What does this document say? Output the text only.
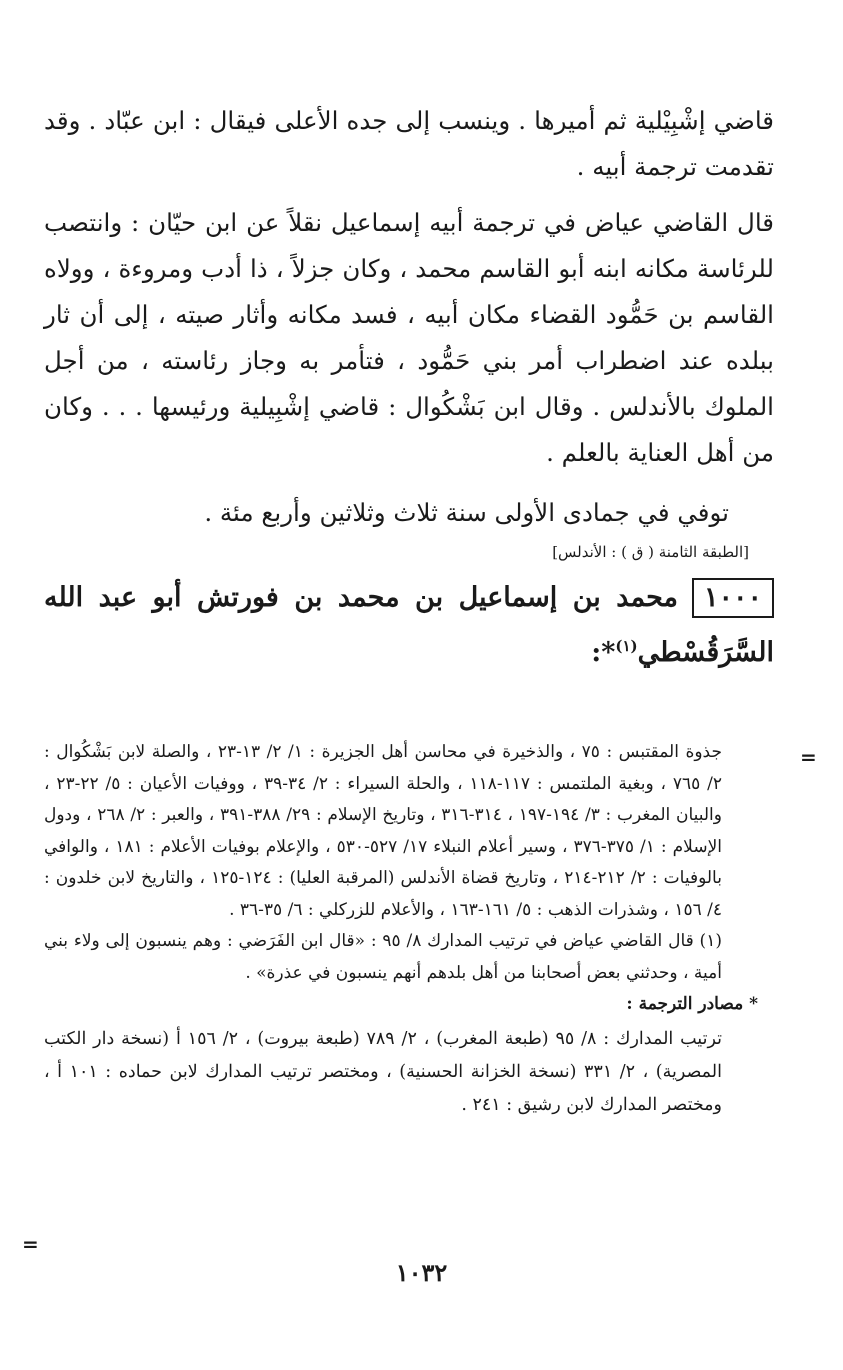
قاضي إشْبِيْلية ثم أميرها . وينسب إلى جده الأعلى فيقال : ابن عبّاد . وقد تقدمت ترجمة أبيه .

قال القاضي عياض في ترجمة أبيه إسماعيل نقلاً عن ابن حيّان : وانتصب للرئاسة مكانه ابنه أبو القاسم محمد ، وكان جزلاً ، ذا أدب ومروءة ، وولاه القاسم بن حَمُّود القضاء مكان أبيه ، فسد مكانه وأثار صيته ، إلى أن ثار ببلده عند اضطراب أمر بني حَمُّود ، فتأمر به وجاز رئاسته ، من أجل الملوك بالأندلس . وقال ابن بَشْكُوال : قاضي إشْبِيلية ورئيسها . . . وكان من أهل العناية بالعلم .

توفي في جمادى الأولى سنة ثلاث وثلاثين وأربع مئة .

[الطبقة الثامنة ( ق ) : الأندلس]
١٠٠٠محمد بن إسماعيل بن محمد بن فورتش أبو عبد الله السَّرَقُسْطي$^{(١)}$*:
=

جذوة المقتبس : ٧٥ ، والذخيرة في محاسن أهل الجزيرة : ١/ ٢/ ١٣-٢٣ ، والصلة لابن بَشْكُوال : ٢/ ٧٦٥ ، وبغية الملتمس : ١١٧-١١٨ ، والحلة السيراء : ٢/ ٣٤-٣٩ ، ووفيات الأعيان : ٥/ ٢٢-٢٣ ، والبيان المغرب : ٣/ ١٩٤-١٩٧ ، ٣١٤-٣١٦ ، وتاريخ الإسلام : ٢٩/ ٣٨٨-٣٩١ ، والعبر : ٢/ ٢٦٨ ، ودول الإسلام : ١/ ٣٧٥-٣٧٦ ، وسير أعلام النبلاء ١٧/ ٥٢٧-٥٣٠ ، والإعلام بوفيات الأعلام : ١٨١ ، والوافي بالوفيات : ٢/ ٢١٢-٢١٤ ، وتاريخ قضاة الأندلس (المرقبة العليا) : ١٢٤-١٢٥ ، والتاريخ لابن خلدون : ٤/ ١٥٦ ، وشذرات الذهب : ٥/ ١٦١-١٦٣ ، والأعلام للزركلي : ٦/ ٣٥-٣٦ .

(١) قال القاضي عياض في ترتيب المدارك ٨/ ٩٥ : «قال ابن الفَرَضي : وهم ينسبون إلى ولاء بني أمية ، وحدثني بعض أصحابنا من أهل بلدهم أنهم ينسبون في عذرة» .

* مصادر الترجمة :

ترتيب المدارك : ٨/ ٩٥ (طبعة المغرب) ، ٢/ ٧٨٩ (طبعة بيروت) ، ٢/ ١٥٦ أ (نسخة دار الكتب المصرية) ، ٢/ ٣٣١ (نسخة الخزانة الحسنية) ، ومختصر ترتيب المدارك لابن حماده : ١٠١ أ ، ومختصر المدارك لابن رشيق : ٢٤١ .

=
١٠٣٢
